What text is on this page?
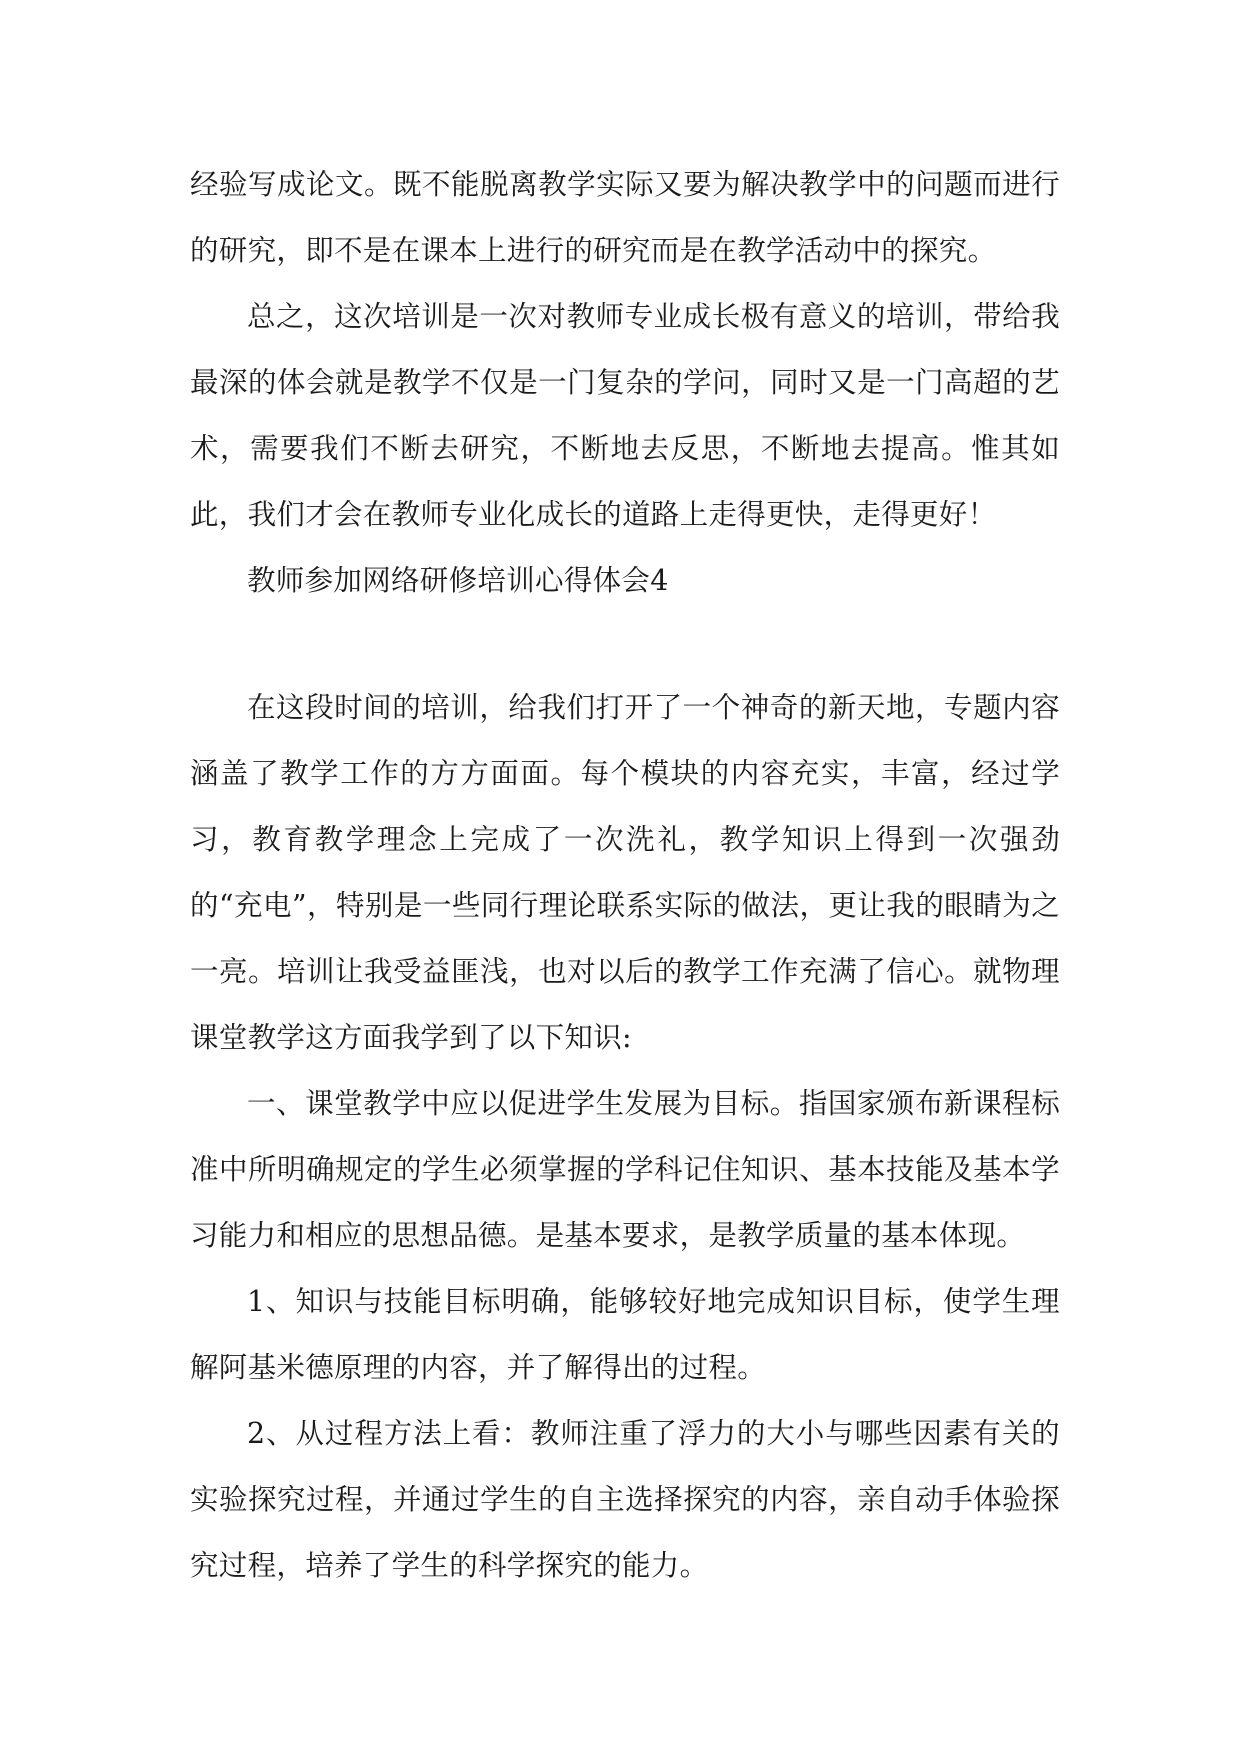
经验写成论文。既不能脱离教学实际又要为解决教学中的问题而进行的研究，即不是在课本上进行的研究而是在教学活动中的探究。

总之，这次培训是一次对教师专业成长极有意义的培训，带给我最深的体会就是教学不仅是一门复杂的学问，同时又是一门高超的艺术，需要我们不断去研究，不断地去反思，不断地去提高。惟其如此，我们才会在教师专业化成长的道路上走得更快，走得更好！

教师参加网络研修培训心得体会4

在这段时间的培训，给我们打开了一个神奇的新天地，专题内容涵盖了教学工作的方方面面。每个模块的内容充实，丰富，经过学习，教育教学理念上完成了一次洗礼，教学知识上得到一次强劲的“充电”，特别是一些同行理论联系实际的做法，更让我的眼睛为之一亮。培训让我受益匪浅，也对以后的教学工作充满了信心。就物理课堂教学这方面我学到了以下知识:

一、课堂教学中应以促进学生发展为目标。指国家颁布新课程标准中所明确规定的学生必须掌握的学科记住知识、基本技能及基本学习能力和相应的思想品德。是基本要求，是教学质量的基本体现。

1、知识与技能目标明确，能够较好地完成知识目标，使学生理解阿基米德原理的内容，并了解得出的过程。

2、从过程方法上看：教师注重了浮力的大小与哪些因素有关的实验探究过程，并通过学生的自主选择探究的内容，亲自动手体验探究过程，培养了学生的科学探究的能力。
